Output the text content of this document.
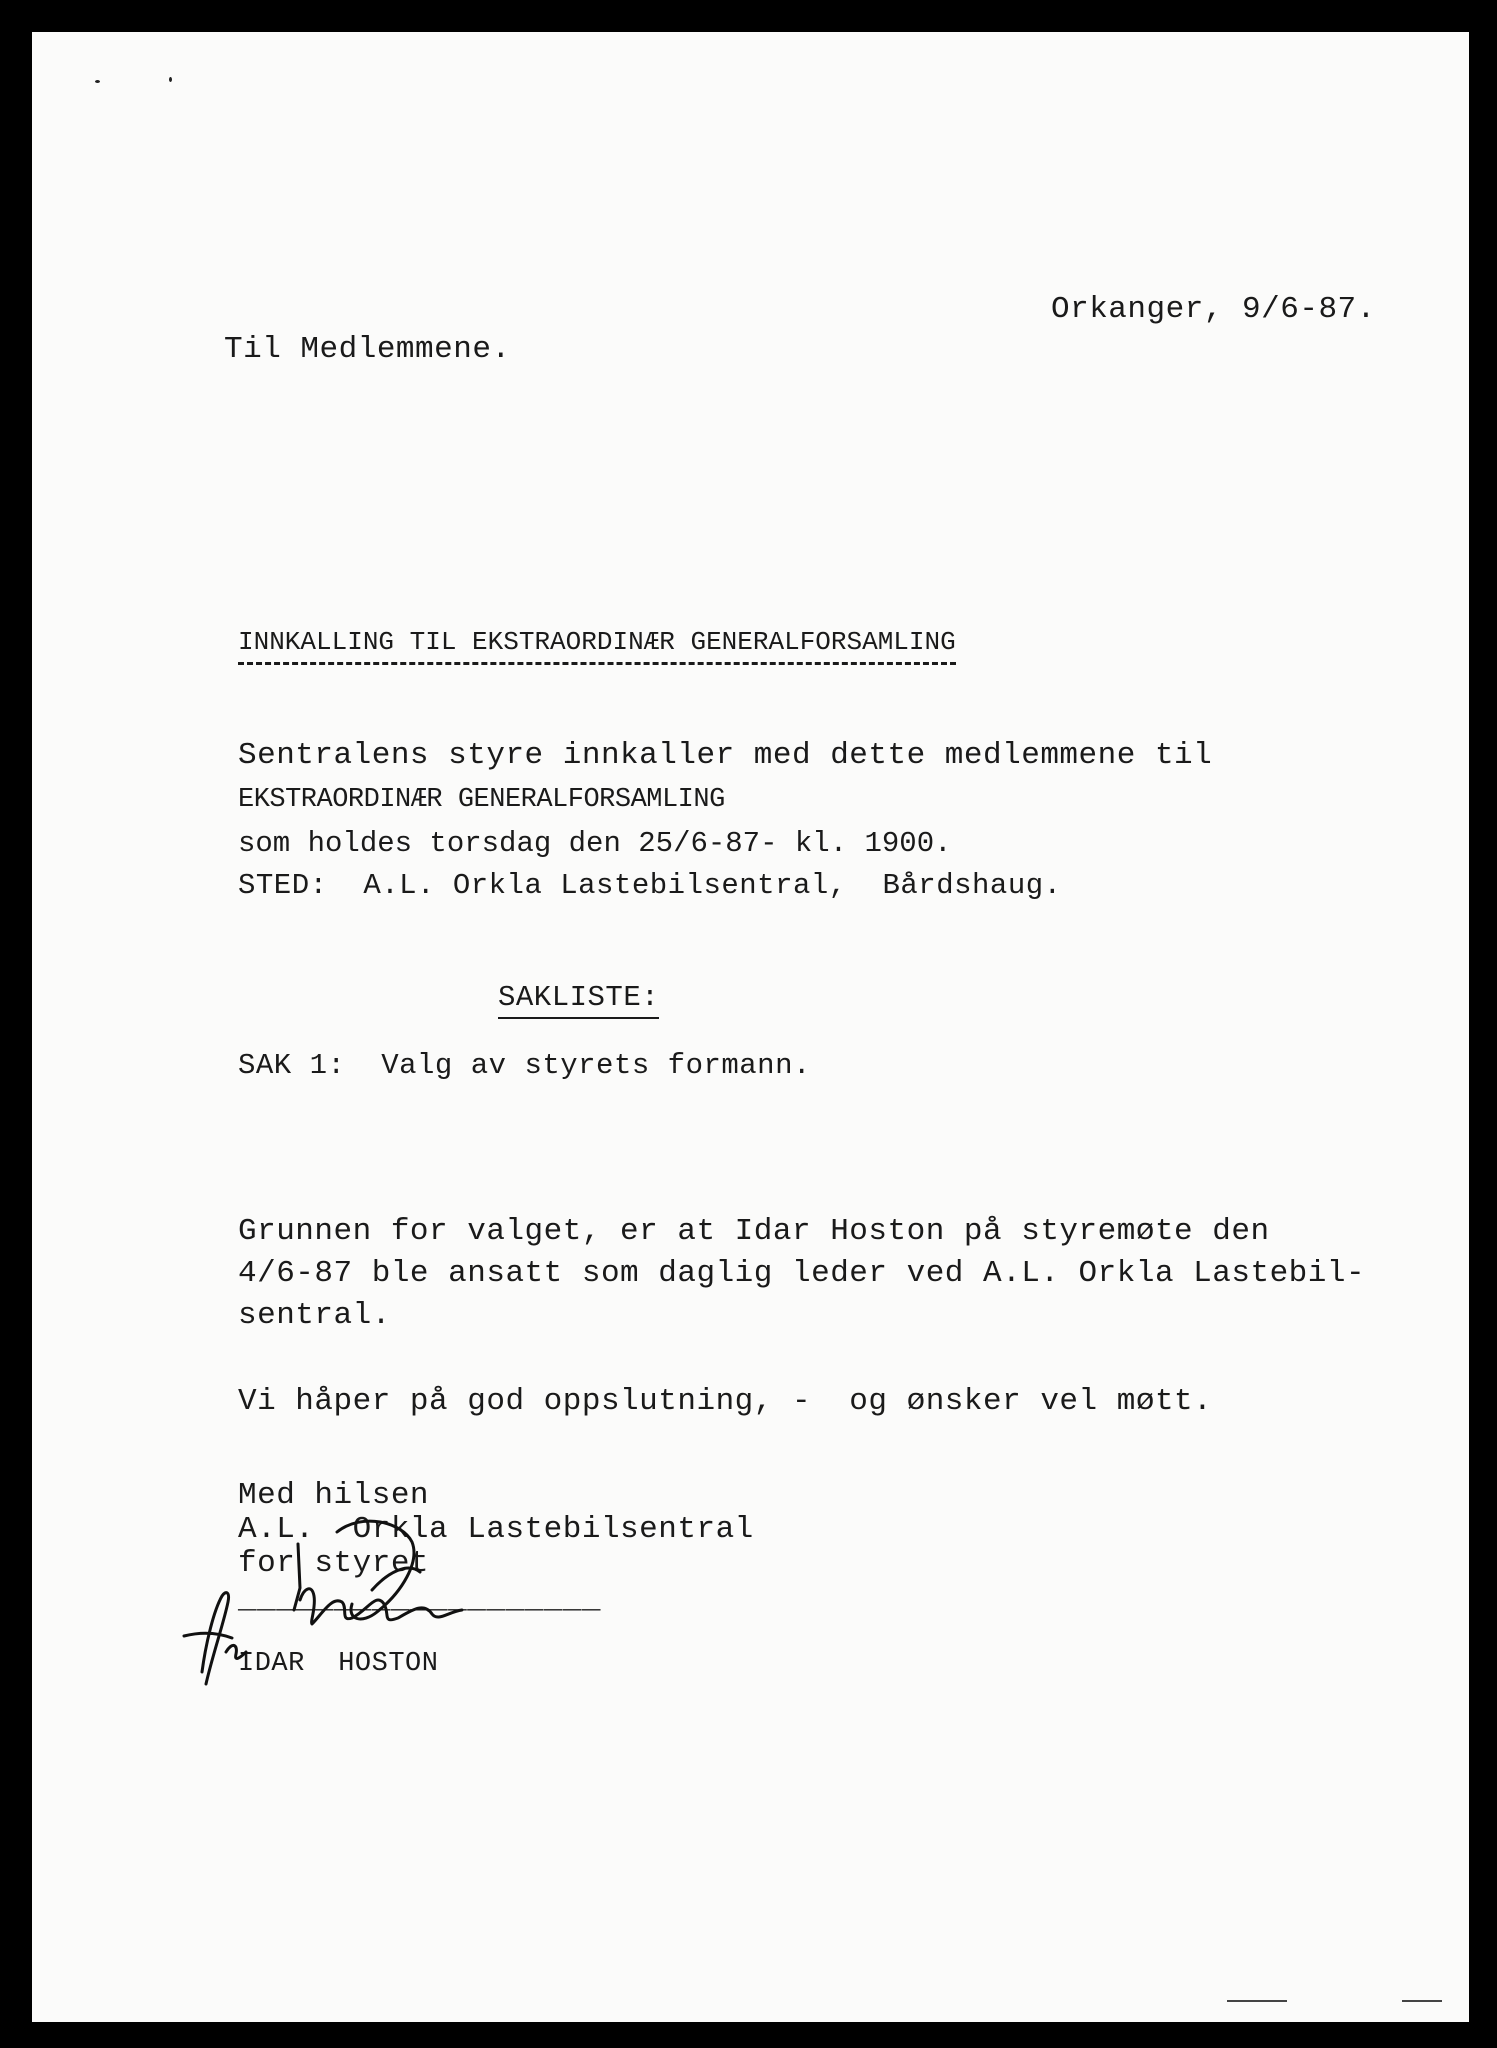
Orkanger, 9/6-87.
Til Medlemmene.
INNKALLING TIL EKSTRAORDINÆR GENERALFORSAMLING
Sentralens styre innkaller med dette medlemmene til
EKSTRAORDINÆR GENERALFORSAMLING
som holdes torsdag den 25/6-87- kl. 1900.
STED:  A.L. Orkla Lastebilsentral,  Bårdshaug.
SAKLISTE:
SAK 1:  Valg av styrets formann.
Grunnen for valget, er at Idar Hoston på styremøte den
4/6-87 ble ansatt som daglig leder ved A.L. Orkla Lastebil-
sentral.
Vi håper på god oppslutning, -  og ønsker vel møtt.
Med hilsen
A.L.  Orkla Lastebilsentral
for styret
___________________
IDAR  HOSTON
